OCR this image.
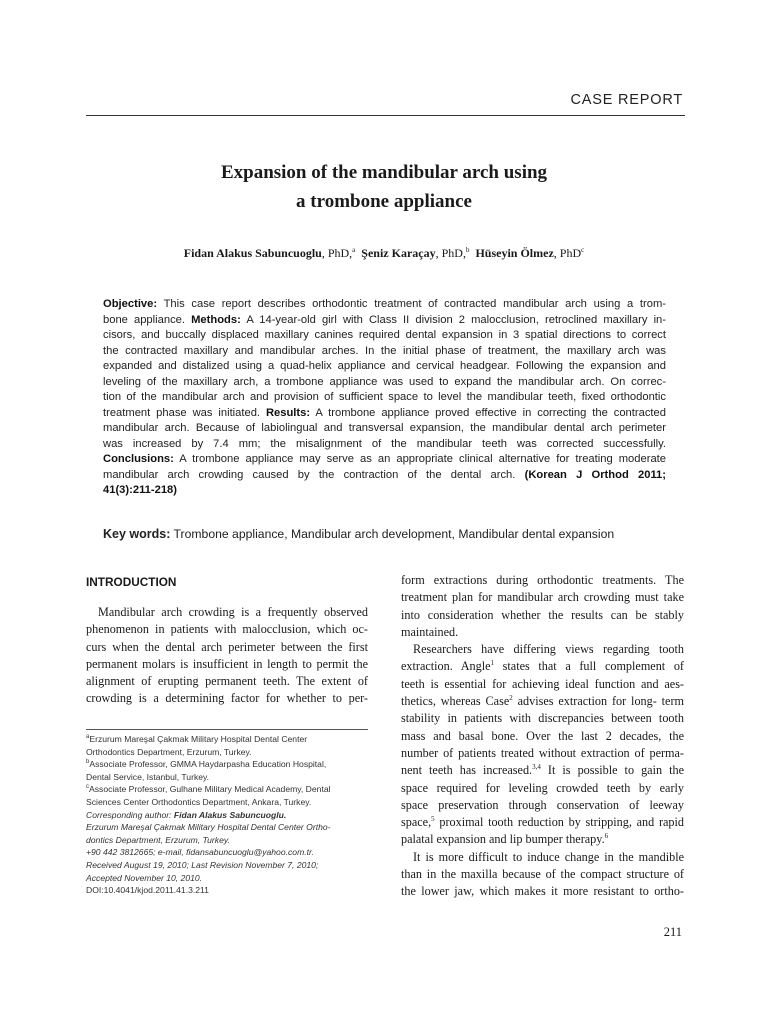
CASE REPORT
Expansion of the mandibular arch using
a trombone appliance
Fidan Alakus Sabuncuoglu, PhD,$^a$ Şeniz Karaçay, PhD,$^b$ Hüseyin Ölmez, PhD$^c$
Objective: This case report describes orthodontic treatment of contracted mandibular arch using a trom-
bone appliance. Methods: A 14-year-old girl with Class II division 2 malocclusion, retroclined maxillary in-
cisors, and buccally displaced maxillary canines required dental expansion in 3 spatial directions to correct
the contracted maxillary and mandibular arches. In the initial phase of treatment, the maxillary arch was
expanded and distalized using a quad-helix appliance and cervical headgear. Following the expansion and
leveling of the maxillary arch, a trombone appliance was used to expand the mandibular arch. On correc-
tion of the mandibular arch and provision of sufficient space to level the mandibular teeth, fixed orthodontic
treatment phase was initiated. Results: A trombone appliance proved effective in correcting the contracted
mandibular arch. Because of labiolingual and transversal expansion, the mandibular dental arch perimeter
was increased by 7.4 mm; the misalignment of the mandibular teeth was corrected successfully.
Conclusions: A trombone appliance may serve as an appropriate clinical alternative for treating moderate
mandibular arch crowding caused by the contraction of the dental arch. (Korean J Orthod 2011;
41(3):211-218)
Key words: Trombone appliance, Mandibular arch development, Mandibular dental expansion
INTRODUCTION
Mandibular arch crowding is a frequently observed
phenomenon in patients with malocclusion, which oc-
curs when the dental arch perimeter between the first
permanent molars is insufficient in length to permit the
alignment of erupting permanent teeth. The extent of
crowding is a determining factor for whether to per-
$^a$Erzurum Mareşal Çakmak Military Hospital Dental Center
Orthodontics Department, Erzurum, Turkey.
$^b$Associate Professor, GMMA Haydarpasha Education Hospital,
Dental Service, Istanbul, Turkey.
$^c$Associate Professor, Gulhane Military Medical Academy, Dental
Sciences Center Orthodontics Department, Ankara, Turkey.
Corresponding author: Fidan Alakus Sabuncuoglu.
Erzurum Mareşal Çakmak Military Hospital Dental Center Ortho-
dontics Department, Erzurum, Turkey.
+90 442 3812665; e-mail, fidansabuncuoglu@yahoo.com.tr.
Received August 19, 2010; Last Revision November 7, 2010;
Accepted November 10, 2010.
DOI:10.4041/kjod.2011.41.3.211
form extractions during orthodontic treatments. The
treatment plan for mandibular arch crowding must take
into consideration whether the results can be stably
maintained.
Researchers have differing views regarding tooth
extraction. Angle$^1$ states that a full complement of
teeth is essential for achieving ideal function and aes-
thetics, whereas Case$^2$ advises extraction for long- term
stability in patients with discrepancies between tooth
mass and basal bone. Over the last 2 decades, the
number of patients treated without extraction of perma-
nent teeth has increased.$^{3,4}$ It is possible to gain the
space required for leveling crowded teeth by early
space preservation through conservation of leeway
space,$^5$ proximal tooth reduction by stripping, and rapid
palatal expansion and lip bumper therapy.$^6$
It is more difficult to induce change in the mandible
than in the maxilla because of the compact structure of
the lower jaw, which makes it more resistant to ortho-
211
